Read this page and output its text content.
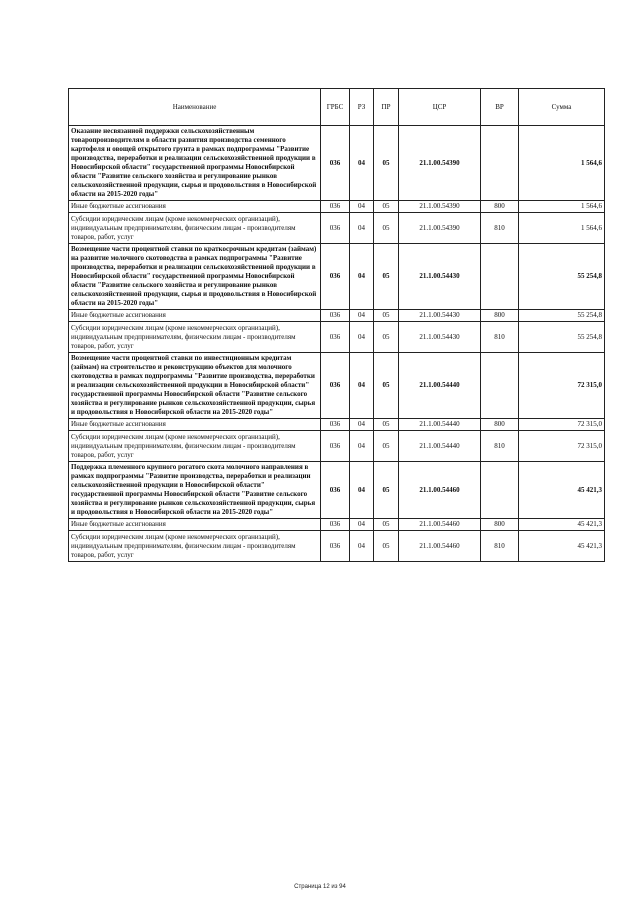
Наименование	ГРБС	РЗ	ПР	ЦСР	ВР	Сумма
Оказание несвязанной поддержки сельскохозяйственным товаропроизводителям в области развития производства семенного картофеля и овощей открытого грунта в рамках подпрограммы "Развитие производства, переработки и реализации сельскохозяйственной продукции в Новосибирской области" государственной программы Новосибирской области "Развитие сельского хозяйства и регулирование рынков сельскохозяйственной продукции, сырья и продовольствия в Новосибирской области на 2015-2020 годы"	036	04	05	21.1.00.54390		1 564,6
Иные бюджетные ассигнования	036	04	05	21.1.00.54390	800	1 564,6
Субсидии юридическим лицам (кроме некоммерческих организаций), индивидуальным предпринимателям, физическим лицам - производителям товаров, работ, услуг	036	04	05	21.1.00.54390	810	1 564,6
Возмещение части процентной ставки по краткосрочным кредитам (займам) на развитие молочного скотоводства в рамках подпрограммы "Развитие производства, переработки и реализации сельскохозяйственной продукции в Новосибирской области" государственной программы Новосибирской области "Развитие сельского хозяйства и регулирование рынков сельскохозяйственной продукции, сырья и продовольствия в Новосибирской области на 2015-2020 годы"	036	04	05	21.1.00.54430		55 254,8
Иные бюджетные ассигнования	036	04	05	21.1.00.54430	800	55 254,8
Субсидии юридическим лицам (кроме некоммерческих организаций), индивидуальным предпринимателям, физическим лицам - производителям товаров, работ, услуг	036	04	05	21.1.00.54430	810	55 254,8
Возмещение части процентной ставки по инвестиционным кредитам (займам) на строительство и реконструкцию объектов для молочного скотоводства в рамках подпрограммы "Развитие производства, переработки и реализации сельскохозяйственной продукции в Новосибирской области" государственной программы Новосибирской области "Развитие сельского хозяйства и регулирование рынков сельскохозяйственной продукции, сырья и продовольствия в Новосибирской области на 2015-2020 годы"	036	04	05	21.1.00.54440		72 315,0
Иные бюджетные ассигнования	036	04	05	21.1.00.54440	800	72 315,0
Субсидии юридическим лицам (кроме некоммерческих организаций), индивидуальным предпринимателям, физическим лицам - производителям товаров, работ, услуг	036	04	05	21.1.00.54440	810	72 315,0
Поддержка племенного крупного рогатого скота молочного направления в рамках подпрограммы "Развитие производства, переработки и реализации сельскохозяйственной продукции в Новосибирской области" государственной программы Новосибирской области "Развитие сельского хозяйства и регулирование рынков сельскохозяйственной продукции, сырья и продовольствия в Новосибирской области на 2015-2020 годы"	036	04	05	21.1.00.54460		45 421,3
Иные бюджетные ассигнования	036	04	05	21.1.00.54460	800	45 421,3
Субсидии юридическим лицам (кроме некоммерческих организаций), индивидуальным предпринимателям, физическим лицам - производителям товаров, работ, услуг	036	04	05	21.1.00.54460	810	45 421,3
Страница 12 из 94
